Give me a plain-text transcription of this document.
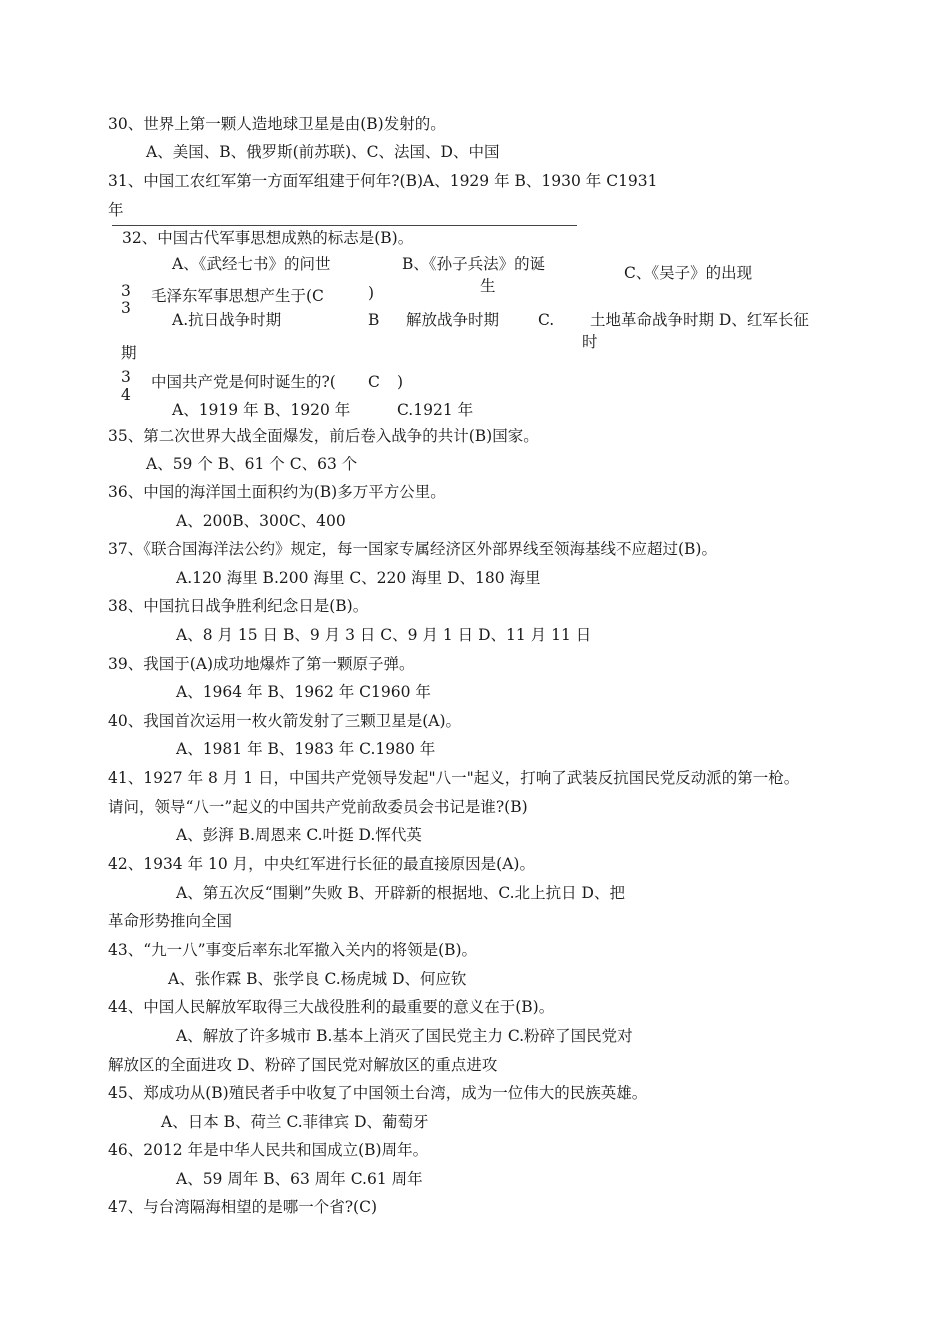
30、世界上第一颗人造地球卫星是由(B)发射的。
A、美国、B、俄罗斯(前苏联)、C、法国、D、中国
31、中国工农红军第一方面军组建于何年?(B)A、1929 年 B、1930 年 C1931
年
32、中国古代军事思想成熟的标志是(B)。
A、《武经七书》的问世	B、《孙子兵法》的诞
生
C、《吴子》的出现
3
3
毛泽东军事思想产生于(C	)
A.抗日战争时期	B 解放战争时期	C. 土地革命战争时期 D、红军长征
时
期
3
4
中国共产党是何时诞生的?( C )
A、1919 年 B、1920 年	C.1921 年
35、第二次世界大战全面爆发，前后卷入战争的共计(B)国家。
A、59 个 B、61 个 C、63 个
36、中国的海洋国土面积约为(B)多万平方公里。
A、200B、300C、400
37、《联合国海洋法公约》规定，每一国家专属经济区外部界线至领海基线不应超过(B)。
A.120 海里 B.200 海里 C、220 海里 D、180 海里
38、中国抗日战争胜利纪念日是(B)。
A、8 月 15 日 B、9 月 3 日 C、9 月 1 日 D、11 月 11 日
39、我国于(A)成功地爆炸了第一颗原子弹。
A、1964 年 B、1962 年 C1960 年
40、我国首次运用一枚火箭发射了三颗卫星是(A)。
A、1981 年 B、1983 年 C.1980 年
41、1927 年 8 月 1 日，中国共产党领导发起"八一"起义，打响了武装反抗国民党反动派的第一枪。
请问，领导“八一”起义的中国共产党前敌委员会书记是谁?(B)
A、彭湃 B.周恩来 C.叶挺 D.恽代英
42、1934 年 10 月，中央红军进行长征的最直接原因是(A)。
A、第五次反“围剿”失败 B、开辟新的根据地、C.北上抗日 D、把
革命形势推向全国
43、“九一八”事变后率东北军撤入关内的将领是(B)。
A、张作霖 B、张学良 C.杨虎城 D、何应钦
44、中国人民解放军取得三大战役胜利的最重要的意义在于(B)。
A、解放了许多城市 B.基本上消灭了国民党主力 C.粉碎了国民党对
解放区的全面进攻 D、粉碎了国民党对解放区的重点进攻
45、郑成功从(B)殖民者手中收复了中国领土台湾，成为一位伟大的民族英雄。
A、日本 B、荷兰 C.菲律宾 D、葡萄牙
46、2012 年是中华人民共和国成立(B)周年。
A、59 周年 B、63 周年 C.61 周年
47、与台湾隔海相望的是哪一个省?(C)
